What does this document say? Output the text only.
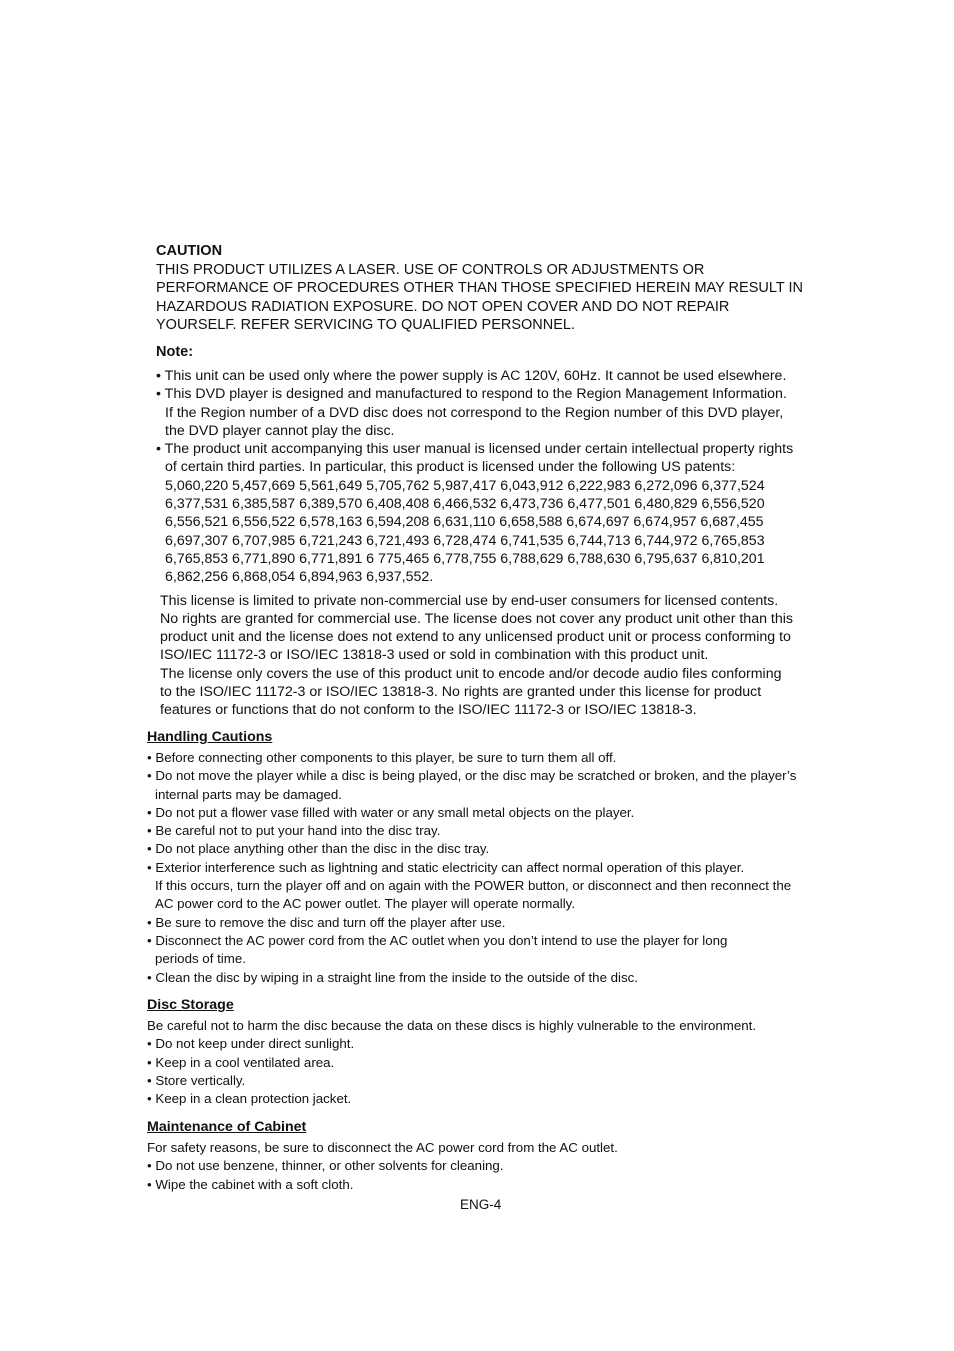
CAUTION
THIS PRODUCT UTILIZES A LASER. USE OF CONTROLS OR ADJUSTMENTS OR
PERFORMANCE OF PROCEDURES OTHER THAN THOSE SPECIFIED HEREIN MAY RESULT IN
HAZARDOUS RADIATION EXPOSURE. DO NOT OPEN COVER AND DO NOT REPAIR
YOURSELF. REFER SERVICING TO QUALIFIED PERSONNEL.
Note:
• This unit can be used only where the power supply is AC 120V, 60Hz. It cannot be used elsewhere.
• This DVD player is designed and manufactured to respond to the Region Management Information.
If the Region number of a DVD disc does not correspond to the Region number of this DVD player,
the DVD player cannot play the disc.
• The product unit accompanying this user manual is licensed under certain intellectual property rights
of certain third parties. In particular, this product is licensed under the following US patents:
5,060,220 5,457,669 5,561,649 5,705,762 5,987,417 6,043,912 6,222,983 6,272,096 6,377,524
6,377,531 6,385,587 6,389,570 6,408,408 6,466,532 6,473,736 6,477,501 6,480,829 6,556,520
6,556,521 6,556,522 6,578,163 6,594,208 6,631,110 6,658,588 6,674,697 6,674,957 6,687,455
6,697,307 6,707,985 6,721,243 6,721,493 6,728,474 6,741,535 6,744,713 6,744,972 6,765,853
6,765,853 6,771,890 6,771,891 6 775,465 6,778,755 6,788,629 6,788,630 6,795,637 6,810,201
6,862,256 6,868,054 6,894,963 6,937,552.
This license is limited to private non-commercial use by end-user consumers for licensed contents.
No rights are granted for commercial use. The license does not cover any product unit other than this
product unit and the license does not extend to any unlicensed product unit or process conforming to
ISO/IEC 11172-3 or ISO/IEC 13818-3 used or sold in combination with this product unit.
The license only covers the use of this product unit to encode and/or decode audio files conforming
to the ISO/IEC 11172-3 or ISO/IEC 13818-3. No rights are granted under this license for product
features or functions that do not conform to the ISO/IEC 11172-3 or ISO/IEC 13818-3.
Handling Cautions
• Before connecting other components to this player, be sure to turn them all off.
• Do not move the player while a disc is being played, or the disc may be scratched or broken, and the player’s
internal parts may be damaged.
• Do not put a flower vase filled with water or any small metal objects on the player.
• Be careful not to put your hand into the disc tray.
• Do not place anything other than the disc in the disc tray.
• Exterior interference such as lightning and static electricity can affect normal operation of this player.
If this occurs, turn the player off and on again with the POWER button, or disconnect and then reconnect the
AC power cord to the AC power outlet. The player will operate normally.
• Be sure to remove the disc and turn off the player after use.
• Disconnect the AC power cord from the AC outlet when you don’t intend to use the player for long
periods of time.
• Clean the disc by wiping in a straight line from the inside to the outside of the disc.
Disc Storage
Be careful not to harm the disc because the data on these discs is highly vulnerable to the environment.
• Do not keep under direct sunlight.
• Keep in a cool ventilated area.
• Store vertically.
• Keep in a clean protection jacket.
Maintenance of Cabinet
For safety reasons, be sure to disconnect the AC power cord from the AC outlet.
• Do not use benzene, thinner, or other solvents for cleaning.
• Wipe the cabinet with a soft cloth.
ENG-4
